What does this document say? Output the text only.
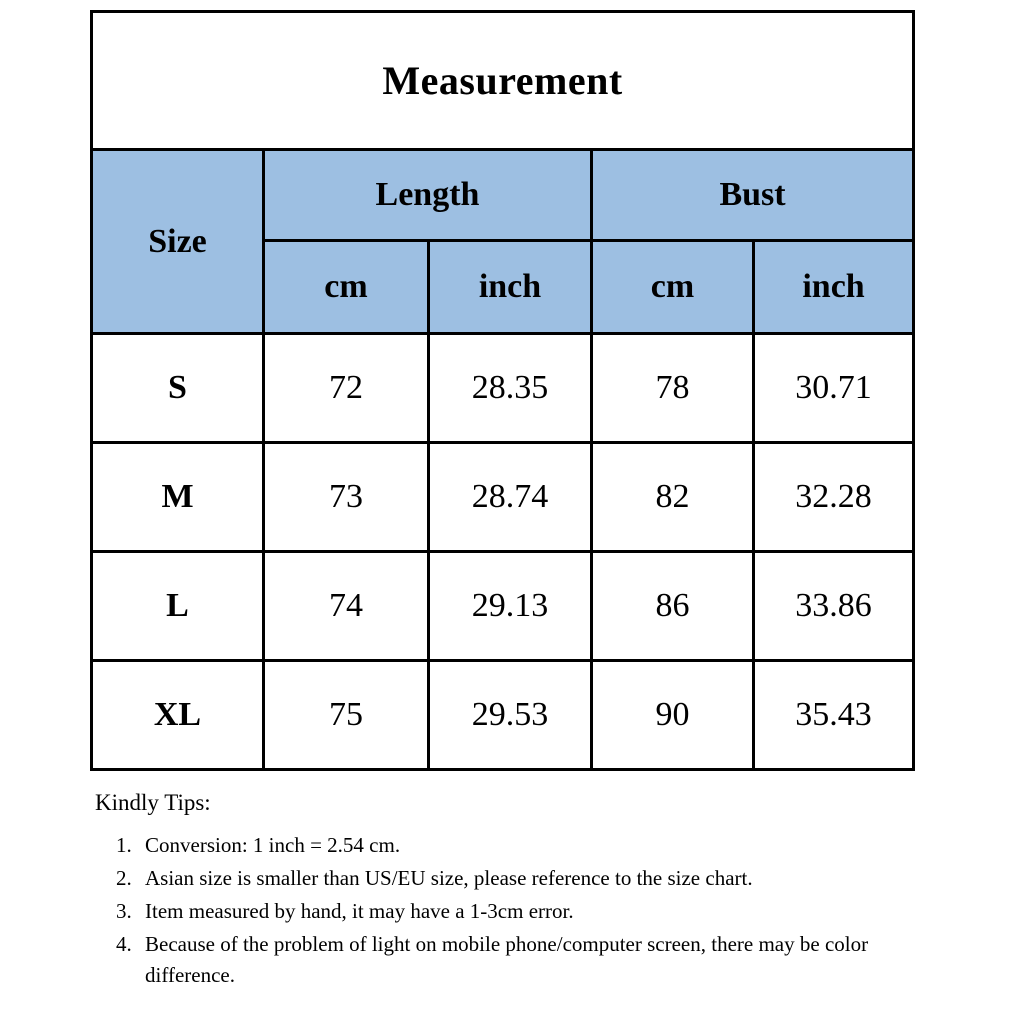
Measurement				
Size	Length		Bust	
	cm	inch	cm	inch
S	72	28.35	78	30.71
M	73	28.74	82	32.28
L	74	29.13	86	33.86
XL	75	29.53	90	35.43
Kindly Tips:
1. Conversion: 1 inch = 2.54 cm.
2. Asian size is smaller than US/EU size, please reference to the size chart.
3. Item measured by hand, it may have a 1-3cm error.
4. Because of the problem of light on mobile phone/computer screen, there may be color difference.
